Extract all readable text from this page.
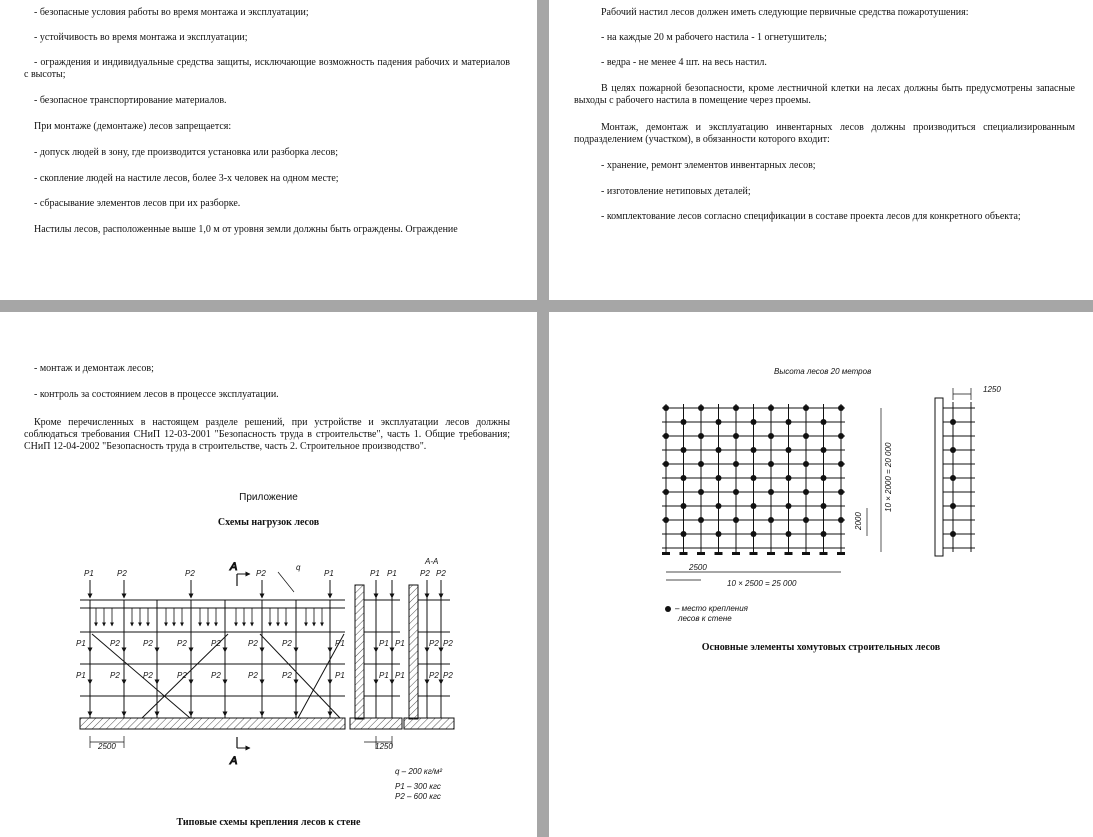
- безопасные условия работы во время монтажа и эксплуатации;
- устойчивость во время монтажа и эксплуатации;
- ограждения и индивидуальные средства защиты, исключающие возможность падения рабочих и материалов с высоты;
- безопасное транспортирование материалов.
При монтаже (демонтаже) лесов запрещается:
- допуск людей в зону, где производится установка или разборка лесов;
- скопление людей на настиле лесов, более 3-х человек на одном месте;
- сбрасывание элементов лесов при их разборке.
Настилы лесов, расположенные выше 1,0 м от уровня земли должны быть ограждены. Ограждение
Рабочий настил лесов должен иметь следующие первичные средства пожаротушения:
- на каждые 20 м рабочего настила - 1 огнетушитель;
- ведра - не менее 4 шт. на весь настил.
В целях пожарной безопасности, кроме лестничной клетки на лесах должны быть предусмотрены запасные выходы с рабочего настила в помещение через проемы.
Монтаж, демонтаж и эксплуатацию инвентарных лесов должны производиться специализированным подразделением (участком), в обязанности которого входит:
- хранение, ремонт элементов инвентарных лесов;
- изготовление нетиповых деталей;
- комплектование лесов согласно спецификации в составе проекта лесов для конкретного объекта;
- монтаж и демонтаж лесов;
- контроль за состоянием лесов в процессе эксплуатации.
Кроме перечисленных в настоящем разделе решений, при устройстве и эксплуатации лесов должны соблюдаться требования СНиП 12-03-2001 "Безопасность труда в строительстве", часть 1. Общие требования; СНиП 12-04-2002 "Безопасность труда в строительстве, часть 2. Строительное производство".
Приложение
Схемы нагрузок лесов
P1	P2	P2	P2	P1
q
P1	P2	P2	P2	P2	P2	P2	P1
P1	P2	P2	P2	P2	P2	P2	P1
A
A
2500
P1 P1
P1 P1
P1 P1
1250
А-А
P2 P2
P2 P2
P2 P2
q – 200 кг/м²
P1 – 300 кгс
P2 – 600 кгс
Типовые схемы крепления лесов к стене
Высота лесов 20 метров
10 × 2000 = 20 000
2000
2500
10 × 2500 = 25 000
1250
– место крепления
лесов к стене
Основные элементы хомутовых строительных лесов
